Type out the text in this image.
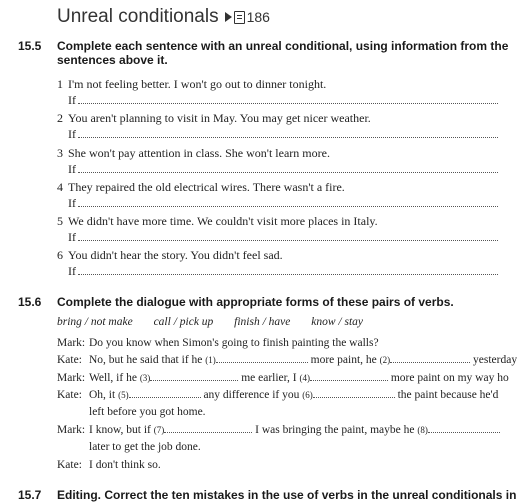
Unreal conditionals 186
15.5 Complete each sentence with an unreal conditional, using information from the
sentences above it.
1 I'm not feeling better. I won't go out to dinner tonight.
If
2 You aren't planning to visit in May. You may get nicer weather.
If
3 She won't pay attention in class. She won't learn more.
If
4 They repaired the old electrical wires. There wasn't a fire.
If
5 We didn't have more time. We couldn't visit more places in Italy.
If
6 You didn't hear the story. You didn't feel sad.
If
15.6 Complete the dialogue with appropriate forms of these pairs of verbs.
bring / not make call / pick up finish / have know / stay
Mark: Do you know when Simon's going to finish painting the walls?
Kate: No, but he said that if he (1)	more paint, he (2)	yesterday
Mark: Well, if he (3)	me earlier, I (4)	more paint on my way ho
Kate: Oh, it (5)	any difference if you (6)	the paint because he'd
left before you got home.
Mark: I know, but if (7)	I was bringing the paint, maybe he (8)
later to get the job done.
Kate: I don't think so.
15.7 Editing. Correct the ten mistakes in the use of verbs in the unreal conditionals in
